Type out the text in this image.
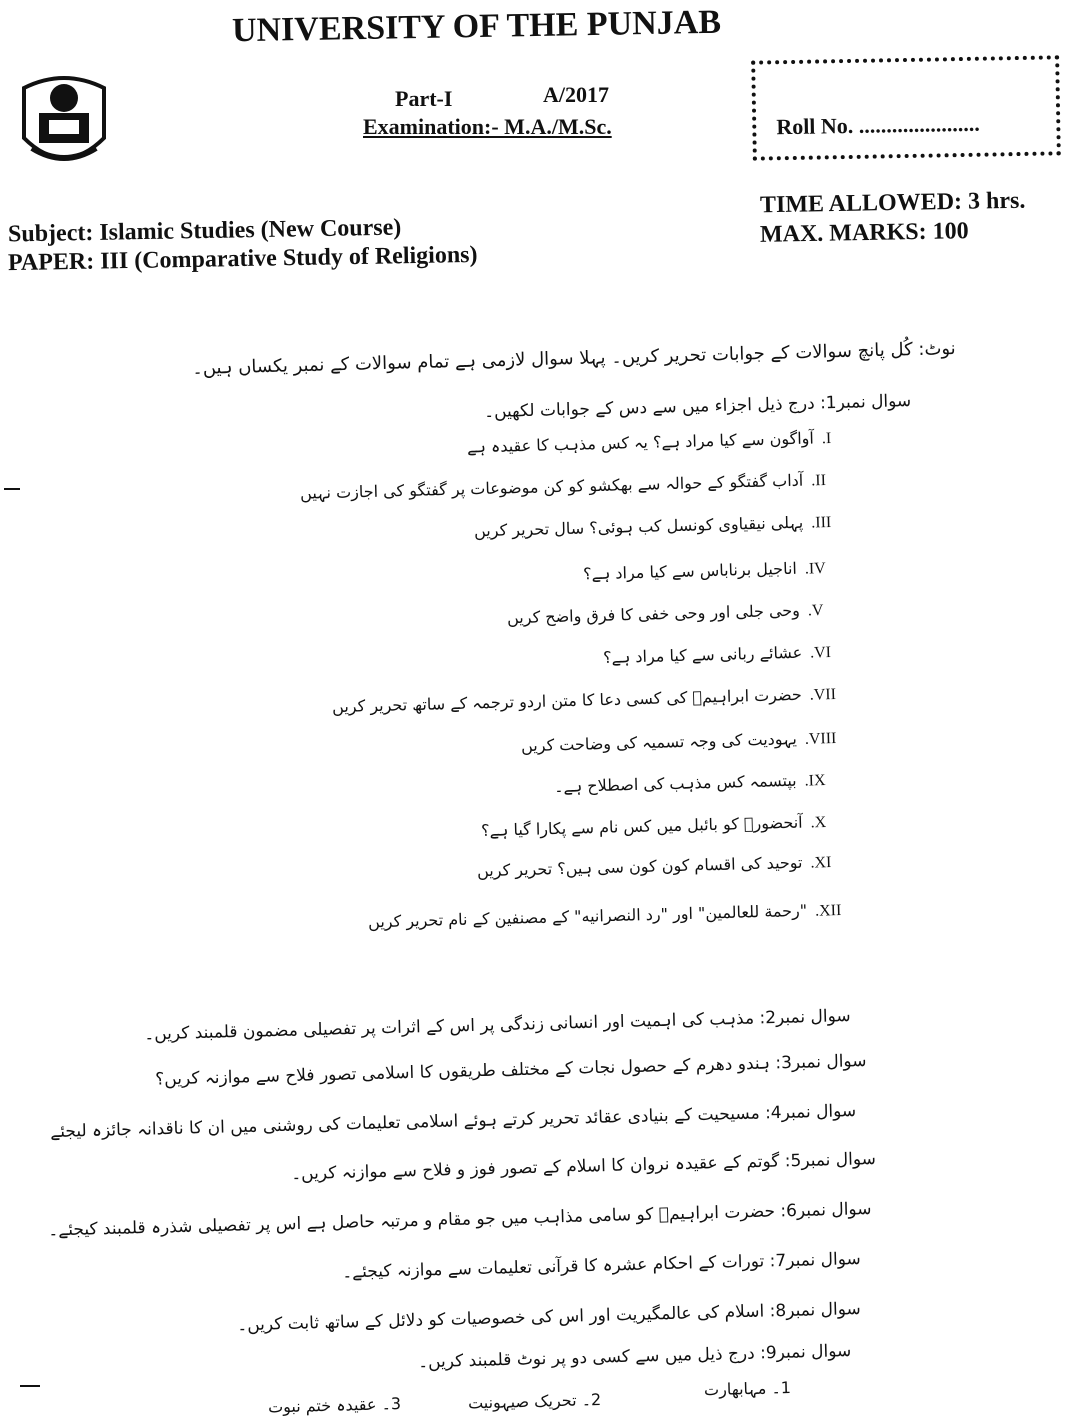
UNIVERSITY OF THE PUNJAB
Part-I	A/2017
Examination:- M.A./M.Sc.	Roll No. ......................
TIME ALLOWED: 3 hrs.
MAX. MARKS: 100
Subject: Islamic Studies (New Course)
PAPER: III (Comparative Study of Religions)
نوٹ: کُل پانچ سوالات کے جوابات تحریر کریں۔ پہلا سوال لازمی ہے تمام سوالات کے نمبر یکساں ہیں۔
سوال نمبر1: درج ذیل اجزاء میں سے دس کے جوابات لکھیں۔
I.آواگون سے کیا مراد ہے؟ یہ کس مذہب کا عقیدہ ہے
II.آداب گفتگو کے حوالہ سے بھکشو کو کن موضوعات پر گفتگو کی اجازت نہیں
III.پہلی نیقیاوی کونسل کب ہوئی؟ سال تحریر کریں
IV.اناجیل برناباس سے کیا مراد ہے؟
V.وحی جلی اور وحی خفی کا فرق واضح کریں
VI.عشائے ربانی سے کیا مراد ہے؟
VII.حضرت ابراہیمؑ کی کسی دعا کا متن اردو ترجمہ کے ساتھ تحریر کریں
VIII.یہودیت کی وجہ تسمیہ کی وضاحت کریں
IX.بپتسمہ کس مذہب کی اصطلاح ہے۔
X.آنحضورؐ کو بائبل میں کس نام سے پکارا گیا ہے؟
XI.توحید کی اقسام کون کون سی ہیں؟ تحریر کریں
XII."رحمة للعالمين" اور "رد النصرانيه" کے مصنفین کے نام تحریر کریں
سوال نمبر2: مذہب کی اہمیت اور انسانی زندگی پر اس کے اثرات پر تفصیلی مضمون قلمبند کریں۔
سوال نمبر3: ہندو دھرم کے حصول نجات کے مختلف طریقوں کا اسلامی تصور فلاح سے موازنہ کریں؟
سوال نمبر4: مسیحیت کے بنیادی عقائد تحریر کرتے ہوئے اسلامی تعلیمات کی روشنی میں ان کا ناقدانہ جائزہ لیجئے
سوال نمبر5: گوتم کے عقیدہ نروان کا اسلام کے تصور فوز و فلاح سے موازنہ کریں۔
سوال نمبر6: حضرت ابراہیمؑ کو سامی مذاہب میں جو مقام و مرتبہ حاصل ہے اس پر تفصیلی شذرہ قلمبند کیجئے۔
سوال نمبر7: تورات کے احکام عشرہ کا قرآنی تعلیمات سے موازنہ کیجئے۔
سوال نمبر8: اسلام کی عالمگیریت اور اس کی خصوصیات کو دلائل کے ساتھ ثابت کریں۔
سوال نمبر9: درج ذیل میں سے کسی دو پر نوٹ قلمبند کریں۔
1۔ مہابھارت
2۔ تحریک صیہونیت
3۔ عقیدہ ختم نبوت
